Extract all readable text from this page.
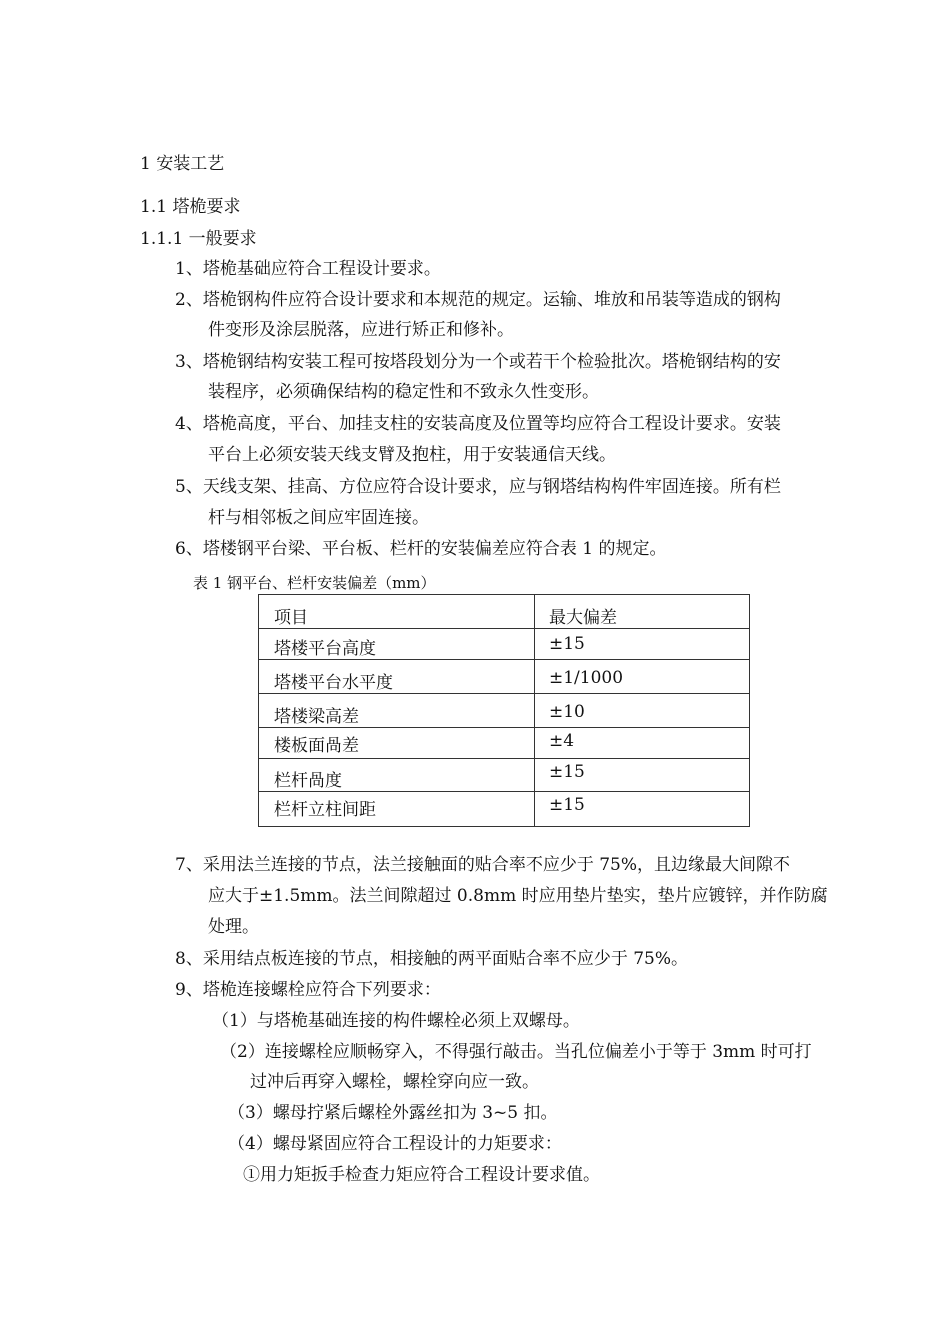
1 安装工艺
1.1 塔桅要求
1.1.1 一般要求
1、塔桅基础应符合工程设计要求。
2、塔桅钢构件应符合设计要求和本规范的规定。运输、堆放和吊装等造成的钢构
件变形及涂层脱落，应进行矫正和修补。
3、塔桅钢结构安装工程可按塔段划分为一个或若干个检验批次。塔桅钢结构的安
装程序，必须确保结构的稳定性和不致永久性变形。
4、塔桅高度，平台、加挂支柱的安装高度及位置等均应符合工程设计要求。安装
平台上必须安装天线支臂及抱柱，用于安装通信天线。
5、天线支架、挂高、方位应符合设计要求，应与钢塔结构构件牢固连接。所有栏
杆与相邻板之间应牢固连接。
6、塔楼钢平台梁、平台板、栏杆的安装偏差应符合表 1 的规定。
表 1 钢平台、栏杆安装偏差（mm）
项目	最大偏差
塔楼平台高度	±15
塔楼平台水平度	±1/1000
塔楼梁高差	±10
楼板面咼差	±4
栏杆咼度	±15
栏杆立柱间距	±15
7、采用法兰连接的节点，法兰接触面的贴合率不应少于 75%，且边缘最大间隙不
应大于±1.5mm。法兰间隙超过 0.8mm 时应用垫片垫实，垫片应镀锌，并作防腐
处理。
8、采用结点板连接的节点，相接触的两平面贴合率不应少于 75%。
9、塔桅连接螺栓应符合下列要求：
（1）与塔桅基础连接的构件螺栓必须上双螺母。
（2）连接螺栓应顺畅穿入，不得强行敲击。当孔位偏差小于等于 3mm 时可打
过冲后再穿入螺栓，螺栓穿向应一致。
（3）螺母拧紧后螺栓外露丝扣为 3~5 扣。
（4）螺母紧固应符合工程设计的力矩要求：
①用力矩扳手检查力矩应符合工程设计要求值。
